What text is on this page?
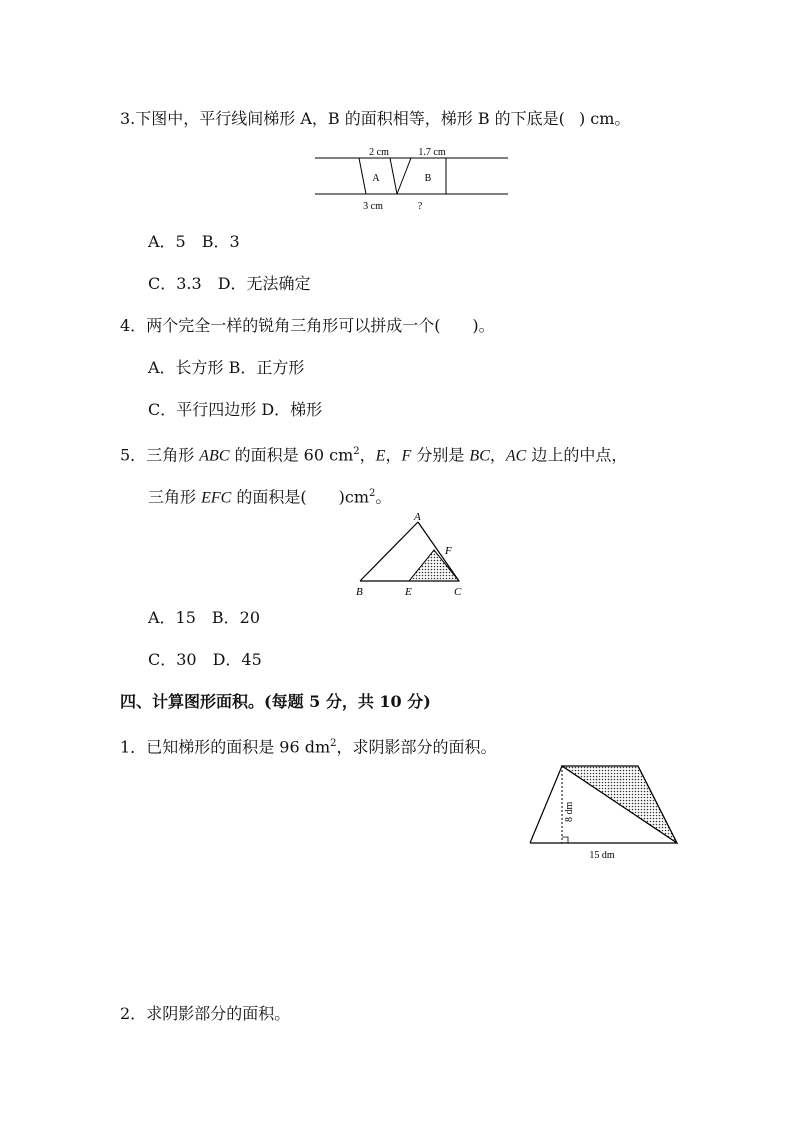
3.下图中，平行线间梯形 A，B 的面积相等，梯形 B 的下底是( ) cm。
2 cm	1.7 cm
A	B
3 cm	?
A．5　B．3
C．3.3　D．无法确定
4．两个完全一样的锐角三角形可以拼成一个(　　)。
A．长方形 B．正方形
C．平行四边形 D．梯形
5．三角形 ABC 的面积是 60 $cm^2$，E，F 分别是 BC，AC 边上的中点，
三角形 EFC 的面积是(　　)$cm^2$。
A
F
B	E	C
A．15　B．20
C．30　D．45
四、计算图形面积。(每题 5 分，共 10 分)
1．已知梯形的面积是 96 $dm^2$，求阴影部分的面积。
8 dm
15 dm
2．求阴影部分的面积。
